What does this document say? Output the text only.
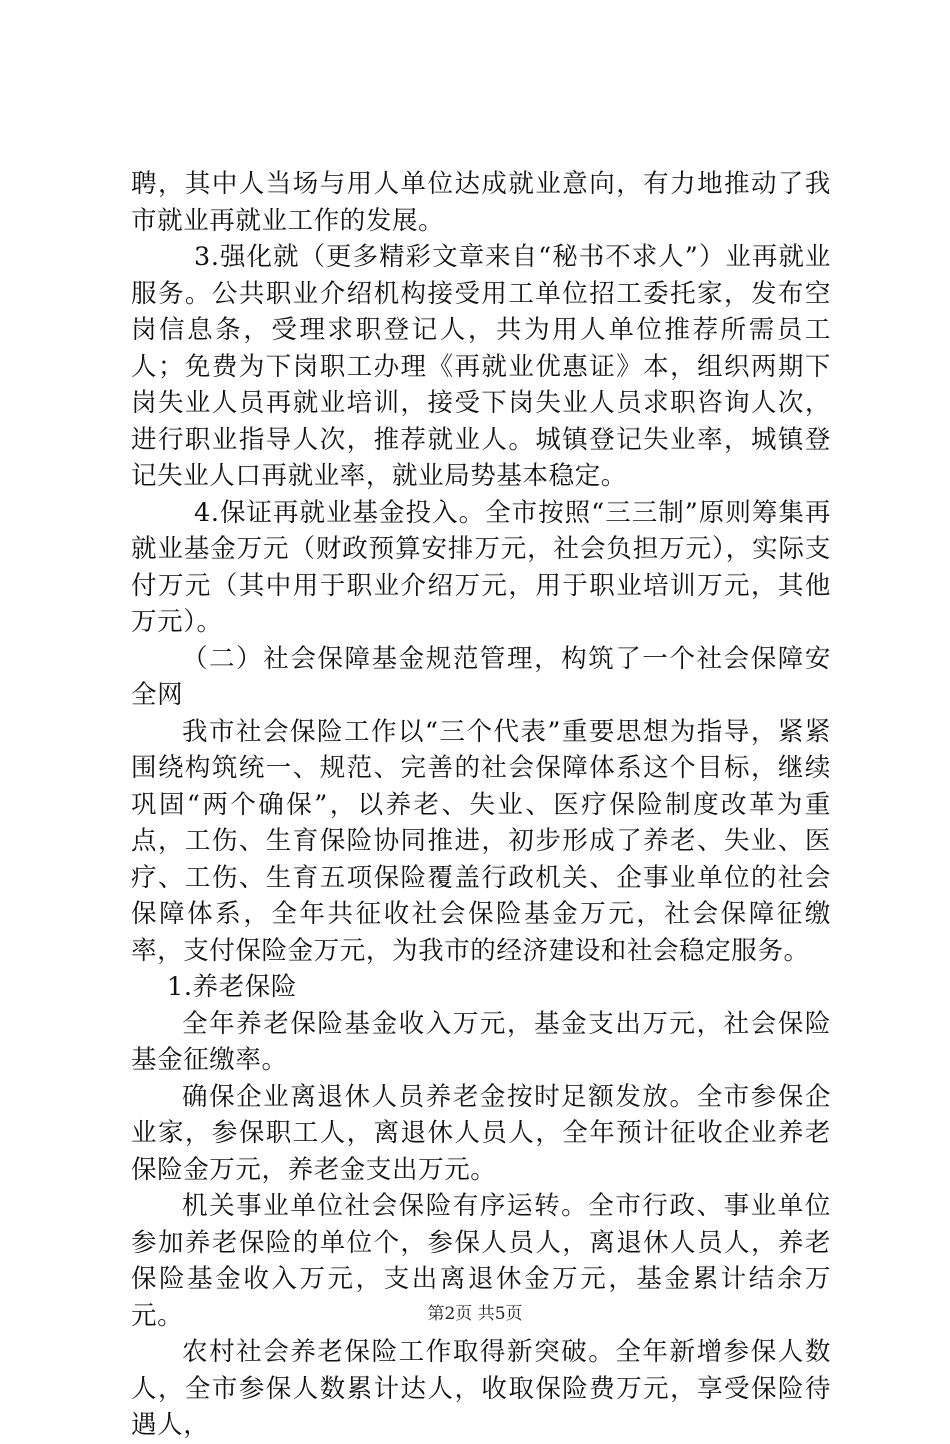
聘，其中人当场与用人单位达成就业意向，有力地推动了我市就业再就业工作的发展。

3.强化就（更多精彩文章来自“秘书不求人”）业再就业服务。公共职业介绍机构接受用工单位招工委托家，发布空岗信息条，受理求职登记人，共为用人单位推荐所需员工人；免费为下岗职工办理《再就业优惠证》本，组织两期下岗失业人员再就业培训，接受下岗失业人员求职咨询人次，进行职业指导人次，推荐就业人。城镇登记失业率，城镇登记失业人口再就业率，就业局势基本稳定。

4.保证再就业基金投入。全市按照“三三制”原则筹集再就业基金万元（财政预算安排万元，社会负担万元），实际支付万元（其中用于职业介绍万元，用于职业培训万元，其他万元）。

（二）社会保障基金规范管理，构筑了一个社会保障安全网

我市社会保险工作以“三个代表”重要思想为指导，紧紧围绕构筑统一、规范、完善的社会保障体系这个目标，继续巩固“两个确保”，以养老、失业、医疗保险制度改革为重点，工伤、生育保险协同推进，初步形成了养老、失业、医疗、工伤、生育五项保险覆盖行政机关、企事业单位的社会保障体系，全年共征收社会保险基金万元，社会保障征缴率，支付保险金万元，为我市的经济建设和社会稳定服务。

1.养老保险

全年养老保险基金收入万元，基金支出万元，社会保险基金征缴率。

确保企业离退休人员养老金按时足额发放。全市参保企业家，参保职工人，离退休人员人，全年预计征收企业养老保险金万元，养老金支出万元。

机关事业单位社会保险有序运转。全市行政、事业单位参加养老保险的单位个，参保人员人，离退休人员人，养老保险基金收入万元，支出离退休金万元，基金累计结余万元。

农村社会养老保险工作取得新突破。全年新增参保人数人，全市参保人数累计达人，收取保险费万元，享受保险待遇人，

第2页 共5页
